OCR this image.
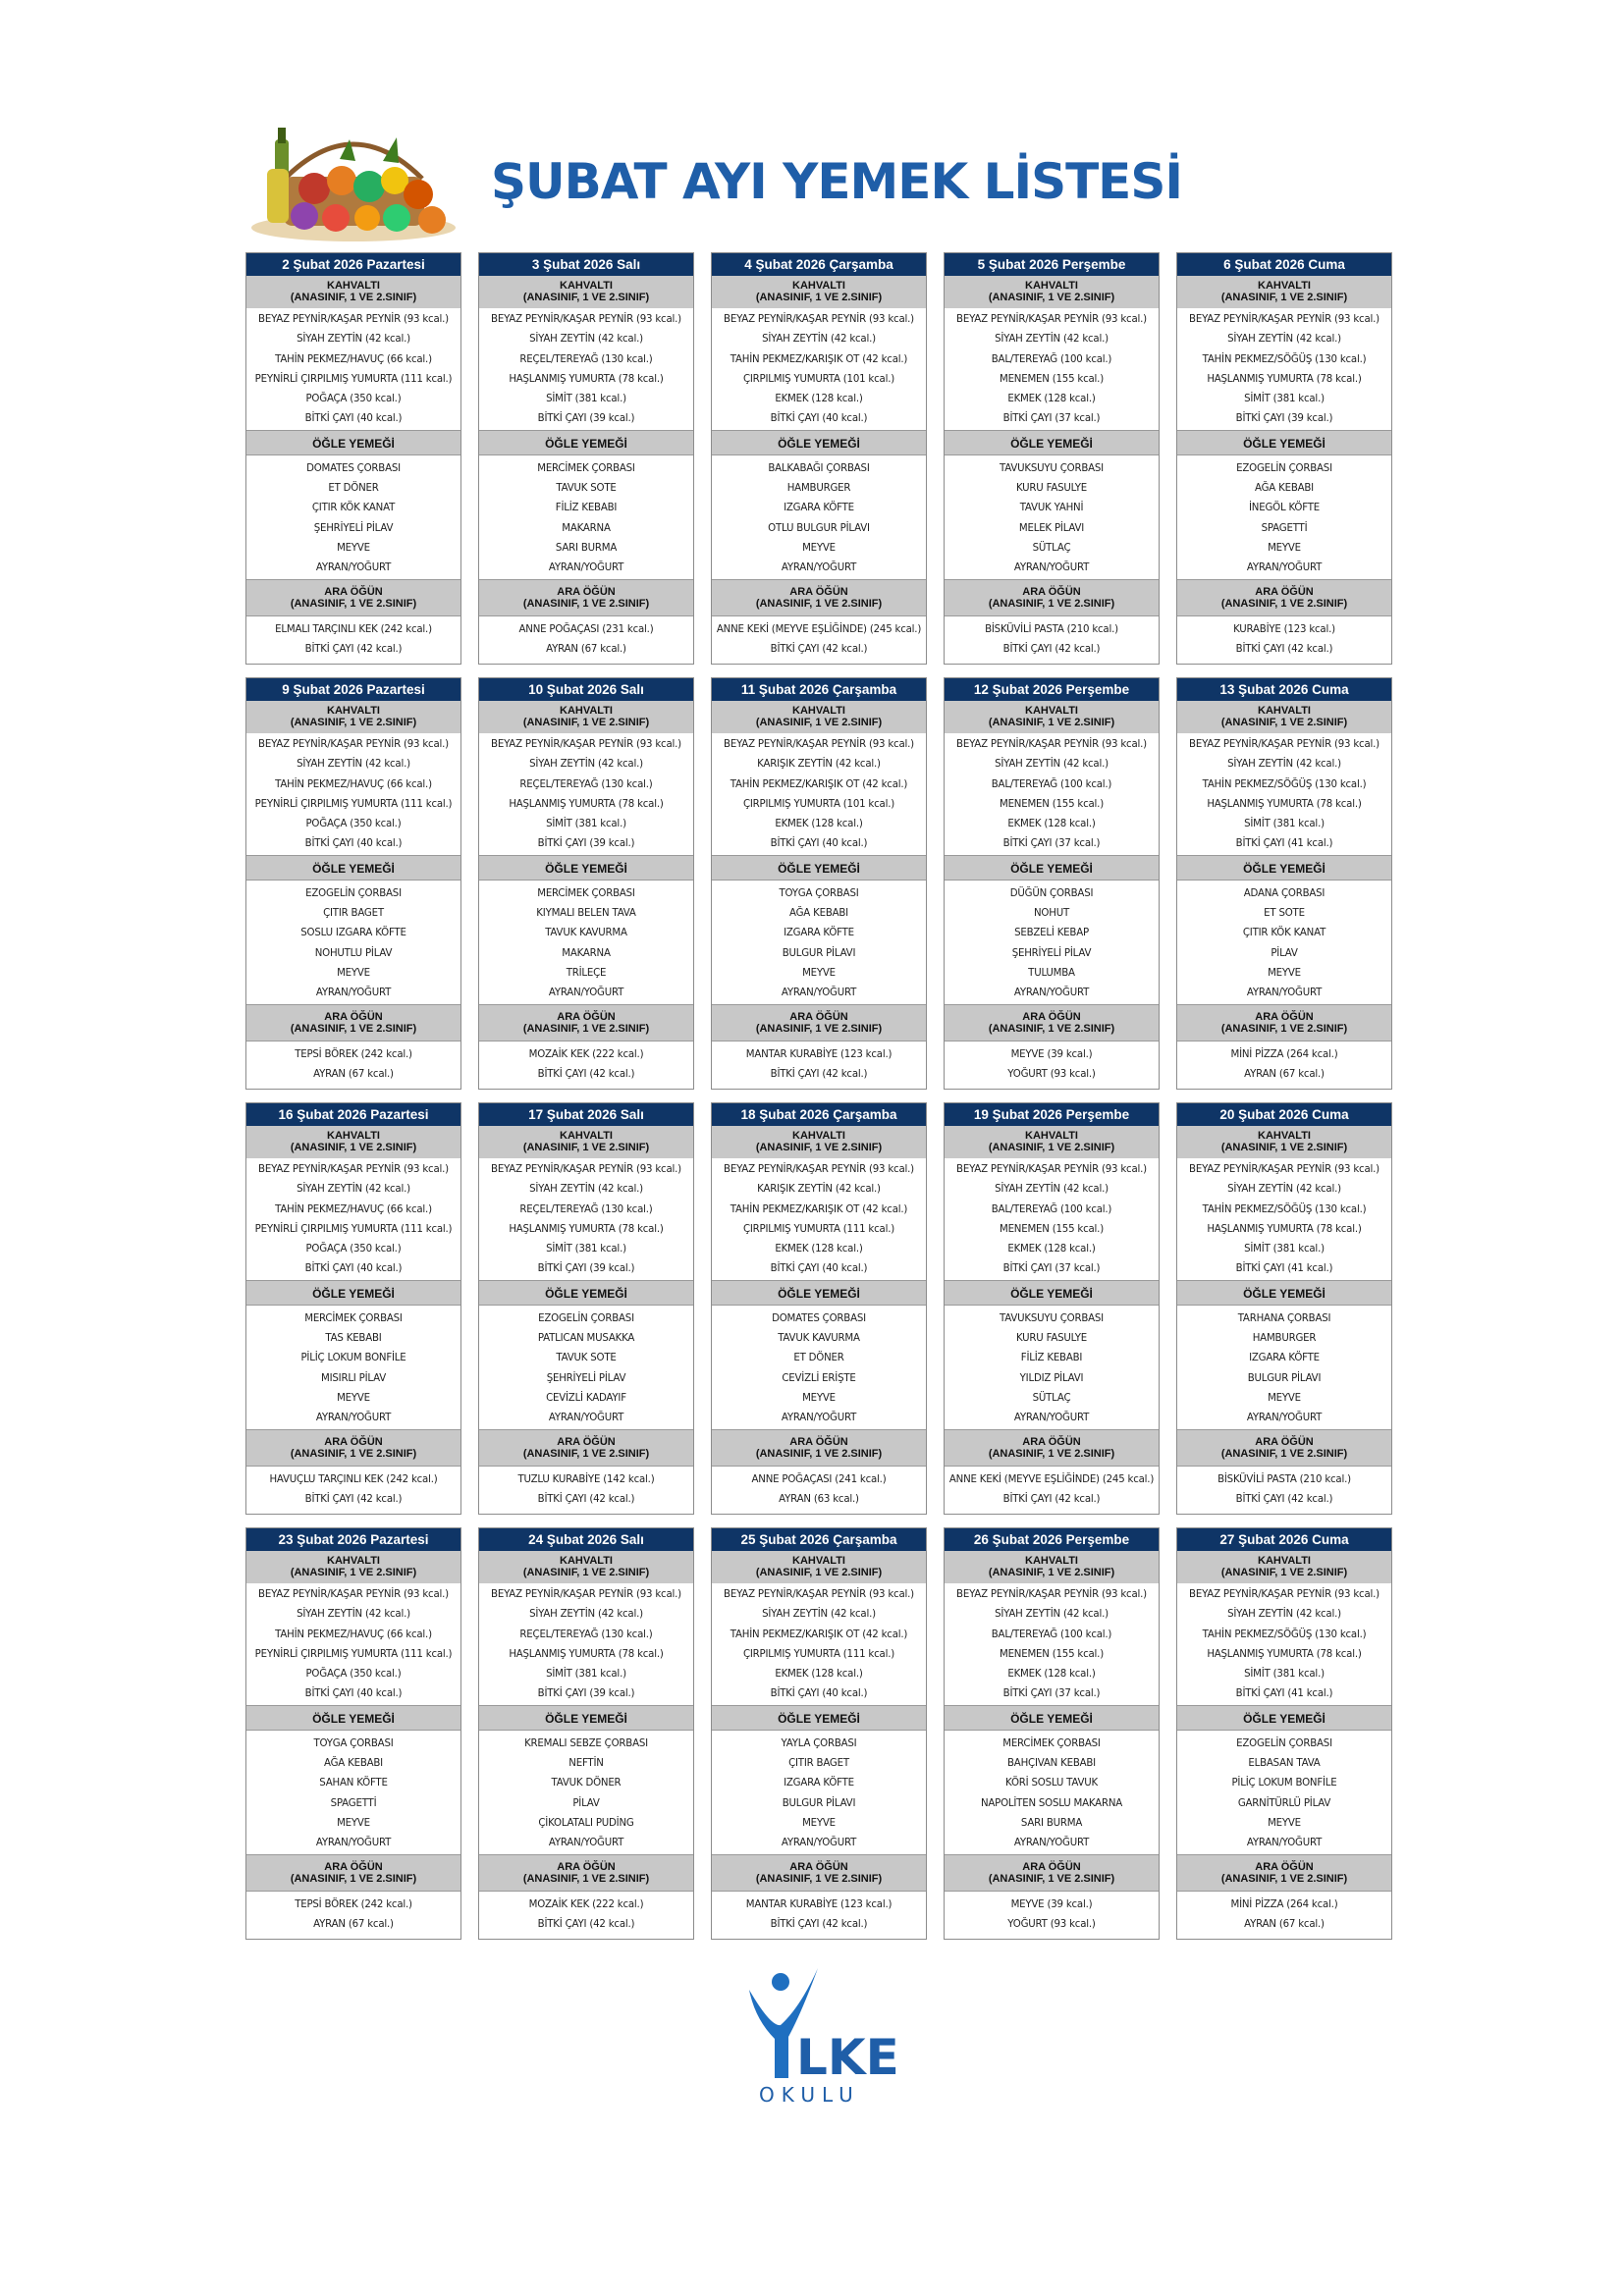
ŞUBAT AYI YEMEK LİSTESİ
2 Şubat 2026 Pazartesi
KAHVALTI
(ANASINIF, 1 VE 2.SINIF)
BEYAZ PEYNİR/KAŞAR PEYNİR (93 kcal.)
SİYAH ZEYTİN (42 kcal.)
TAHİN PEKMEZ/HAVUÇ (66 kcal.)
PEYNİRLİ ÇIRPILMIŞ YUMURTA (111 kcal.)
POĞAÇA (350 kcal.)
BİTKİ ÇAYI (40 kcal.)
ÖĞLE YEMEĞİ
DOMATES ÇORBASI
ET DÖNER
ÇITIR KÖK KANAT
ŞEHRİYELİ PİLAV
MEYVE
AYRAN/YOĞURT
ARA ÖĞÜN
(ANASINIF, 1 VE 2.SINIF)
ELMALI TARÇINLI KEK (242 kcal.)
BİTKİ ÇAYI (42 kcal.)
3 Şubat 2026 Salı
KAHVALTI
(ANASINIF, 1 VE 2.SINIF)
BEYAZ PEYNİR/KAŞAR PEYNİR (93 kcal.)
SİYAH ZEYTİN (42 kcal.)
REÇEL/TEREYAĞ (130 kcal.)
HAŞLANMIŞ YUMURTA (78 kcal.)
SİMİT (381 kcal.)
BİTKİ ÇAYI (39 kcal.)
ÖĞLE YEMEĞİ
MERCİMEK ÇORBASI
TAVUK SOTE
FİLİZ KEBABI
MAKARNA
SARI BURMA
AYRAN/YOĞURT
ARA ÖĞÜN
(ANASINIF, 1 VE 2.SINIF)
ANNE POĞAÇASI (231 kcal.)
AYRAN (67 kcal.)
4 Şubat 2026 Çarşamba
KAHVALTI
(ANASINIF, 1 VE 2.SINIF)
BEYAZ PEYNİR/KAŞAR PEYNİR (93 kcal.)
SİYAH ZEYTİN (42 kcal.)
TAHİN PEKMEZ/KARIŞIK OT (42 kcal.)
ÇIRPILMIŞ YUMURTA (101 kcal.)
EKMEK (128 kcal.)
BİTKİ ÇAYI (40 kcal.)
ÖĞLE YEMEĞİ
BALKABAĞI ÇORBASI
HAMBURGER
IZGARA KÖFTE
OTLU BULGUR PİLAVI
MEYVE
AYRAN/YOĞURT
ARA ÖĞÜN
(ANASINIF, 1 VE 2.SINIF)
ANNE KEKİ (MEYVE EŞLİĞİNDE) (245 kcal.)
BİTKİ ÇAYI (42 kcal.)
5 Şubat 2026 Perşembe
KAHVALTI
(ANASINIF, 1 VE 2.SINIF)
BEYAZ PEYNİR/KAŞAR PEYNİR (93 kcal.)
SİYAH ZEYTİN (42 kcal.)
BAL/TEREYAĞ (100 kcal.)
MENEMEN (155 kcal.)
EKMEK (128 kcal.)
BİTKİ ÇAYI (37 kcal.)
ÖĞLE YEMEĞİ
TAVUKSUYU ÇORBASI
KURU FASULYE
TAVUK YAHNİ
MELEK PİLAVI
SÜTLAÇ
AYRAN/YOĞURT
ARA ÖĞÜN
(ANASINIF, 1 VE 2.SINIF)
BİSKÜVİLİ PASTA (210 kcal.)
BİTKİ ÇAYI (42 kcal.)
6 Şubat 2026 Cuma
KAHVALTI
(ANASINIF, 1 VE 2.SINIF)
BEYAZ PEYNİR/KAŞAR PEYNİR (93 kcal.)
SİYAH ZEYTİN (42 kcal.)
TAHİN PEKMEZ/SÖĞÜŞ (130 kcal.)
HAŞLANMIŞ YUMURTA (78 kcal.)
SİMİT (381 kcal.)
BİTKİ ÇAYI (39 kcal.)
ÖĞLE YEMEĞİ
EZOGELİN ÇORBASI
AĞA KEBABI
İNEGÖL KÖFTE
SPAGETTİ
MEYVE
AYRAN/YOĞURT
ARA ÖĞÜN
(ANASINIF, 1 VE 2.SINIF)
KURABİYE (123 kcal.)
BİTKİ ÇAYI (42 kcal.)
9 Şubat 2026 Pazartesi
KAHVALTI
(ANASINIF, 1 VE 2.SINIF)
BEYAZ PEYNİR/KAŞAR PEYNİR (93 kcal.)
SİYAH ZEYTİN (42 kcal.)
TAHİN PEKMEZ/HAVUÇ (66 kcal.)
PEYNİRLİ ÇIRPILMIŞ YUMURTA (111 kcal.)
POĞAÇA (350 kcal.)
BİTKİ ÇAYI (40 kcal.)
ÖĞLE YEMEĞİ
EZOGELİN ÇORBASI
ÇITIR BAGET
SOSLU IZGARA KÖFTE
NOHUTLU PİLAV
MEYVE
AYRAN/YOĞURT
ARA ÖĞÜN
(ANASINIF, 1 VE 2.SINIF)
TEPSİ BÖREK (242 kcal.)
AYRAN (67 kcal.)
10 Şubat 2026 Salı
KAHVALTI
(ANASINIF, 1 VE 2.SINIF)
BEYAZ PEYNİR/KAŞAR PEYNİR (93 kcal.)
SİYAH ZEYTİN (42 kcal.)
REÇEL/TEREYAĞ (130 kcal.)
HAŞLANMIŞ YUMURTA (78 kcal.)
SİMİT (381 kcal.)
BİTKİ ÇAYI (39 kcal.)
ÖĞLE YEMEĞİ
MERCİMEK ÇORBASI
KIYMALI BELEN TAVA
TAVUK KAVURMA
MAKARNA
TRİLEÇE
AYRAN/YOĞURT
ARA ÖĞÜN
(ANASINIF, 1 VE 2.SINIF)
MOZAİK KEK (222 kcal.)
BİTKİ ÇAYI (42 kcal.)
11 Şubat 2026 Çarşamba
KAHVALTI
(ANASINIF, 1 VE 2.SINIF)
BEYAZ PEYNİR/KAŞAR PEYNİR (93 kcal.)
KARIŞIK ZEYTİN (42 kcal.)
TAHİN PEKMEZ/KARIŞIK OT (42 kcal.)
ÇIRPILMIŞ YUMURTA (101 kcal.)
EKMEK (128 kcal.)
BİTKİ ÇAYI (40 kcal.)
ÖĞLE YEMEĞİ
TOYGA ÇORBASI
AĞA KEBABI
IZGARA KÖFTE
BULGUR PİLAVI
MEYVE
AYRAN/YOĞURT
ARA ÖĞÜN
(ANASINIF, 1 VE 2.SINIF)
MANTAR KURABİYE (123 kcal.)
BİTKİ ÇAYI (42 kcal.)
12 Şubat 2026 Perşembe
KAHVALTI
(ANASINIF, 1 VE 2.SINIF)
BEYAZ PEYNİR/KAŞAR PEYNİR (93 kcal.)
SİYAH ZEYTİN (42 kcal.)
BAL/TEREYAĞ (100 kcal.)
MENEMEN (155 kcal.)
EKMEK (128 kcal.)
BİTKİ ÇAYI (37 kcal.)
ÖĞLE YEMEĞİ
DÜĞÜN ÇORBASI
NOHUT
SEBZELİ KEBAP
ŞEHRİYELİ PİLAV
TULUMBA
AYRAN/YOĞURT
ARA ÖĞÜN
(ANASINIF, 1 VE 2.SINIF)
MEYVE (39 kcal.)
YOĞURT (93 kcal.)
13 Şubat 2026 Cuma
KAHVALTI
(ANASINIF, 1 VE 2.SINIF)
BEYAZ PEYNİR/KAŞAR PEYNİR (93 kcal.)
SİYAH ZEYTİN (42 kcal.)
TAHİN PEKMEZ/SÖĞÜŞ (130 kcal.)
HAŞLANMIŞ YUMURTA (78 kcal.)
SİMİT (381 kcal.)
BİTKİ ÇAYI (41 kcal.)
ÖĞLE YEMEĞİ
ADANA ÇORBASI
ET SOTE
ÇITIR KÖK KANAT
PİLAV
MEYVE
AYRAN/YOĞURT
ARA ÖĞÜN
(ANASINIF, 1 VE 2.SINIF)
MİNİ PİZZA (264 kcal.)
AYRAN (67 kcal.)
16 Şubat 2026 Pazartesi
KAHVALTI
(ANASINIF, 1 VE 2.SINIF)
BEYAZ PEYNİR/KAŞAR PEYNİR (93 kcal.)
SİYAH ZEYTİN (42 kcal.)
TAHİN PEKMEZ/HAVUÇ (66 kcal.)
PEYNİRLİ ÇIRPILMIŞ YUMURTA (111 kcal.)
POĞAÇA (350 kcal.)
BİTKİ ÇAYI (40 kcal.)
ÖĞLE YEMEĞİ
MERCİMEK ÇORBASI
TAS KEBABI
PİLİÇ LOKUM BONFİLE
MISIRLI PİLAV
MEYVE
AYRAN/YOĞURT
ARA ÖĞÜN
(ANASINIF, 1 VE 2.SINIF)
HAVUÇLU TARÇINLI KEK (242 kcal.)
BİTKİ ÇAYI (42 kcal.)
17 Şubat 2026 Salı
KAHVALTI
(ANASINIF, 1 VE 2.SINIF)
BEYAZ PEYNİR/KAŞAR PEYNİR (93 kcal.)
SİYAH ZEYTİN (42 kcal.)
REÇEL/TEREYAĞ (130 kcal.)
HAŞLANMIŞ YUMURTA (78 kcal.)
SİMİT (381 kcal.)
BİTKİ ÇAYI (39 kcal.)
ÖĞLE YEMEĞİ
EZOGELİN ÇORBASI
PATLICAN MUSAKKA
TAVUK SOTE
ŞEHRİYELİ PİLAV
CEVİZLİ KADAYIF
AYRAN/YOĞURT
ARA ÖĞÜN
(ANASINIF, 1 VE 2.SINIF)
TUZLU KURABİYE (142 kcal.)
BİTKİ ÇAYI (42 kcal.)
18 Şubat 2026 Çarşamba
KAHVALTI
(ANASINIF, 1 VE 2.SINIF)
BEYAZ PEYNİR/KAŞAR PEYNİR (93 kcal.)
KARIŞIK ZEYTİN (42 kcal.)
TAHİN PEKMEZ/KARIŞIK OT (42 kcal.)
ÇIRPILMIŞ YUMURTA (111 kcal.)
EKMEK (128 kcal.)
BİTKİ ÇAYI (40 kcal.)
ÖĞLE YEMEĞİ
DOMATES ÇORBASI
TAVUK KAVURMA
ET DÖNER
CEVİZLİ ERİŞTE
MEYVE
AYRAN/YOĞURT
ARA ÖĞÜN
(ANASINIF, 1 VE 2.SINIF)
ANNE POĞAÇASI (241 kcal.)
AYRAN (63 kcal.)
19 Şubat 2026 Perşembe
KAHVALTI
(ANASINIF, 1 VE 2.SINIF)
BEYAZ PEYNİR/KAŞAR PEYNİR (93 kcal.)
SİYAH ZEYTİN (42 kcal.)
BAL/TEREYAĞ (100 kcal.)
MENEMEN (155 kcal.)
EKMEK (128 kcal.)
BİTKİ ÇAYI (37 kcal.)
ÖĞLE YEMEĞİ
TAVUKSUYU ÇORBASI
KURU FASULYE
FİLİZ KEBABI
YILDIZ PİLAVI
SÜTLAÇ
AYRAN/YOĞURT
ARA ÖĞÜN
(ANASINIF, 1 VE 2.SINIF)
ANNE KEKİ (MEYVE EŞLİĞİNDE) (245 kcal.)
BİTKİ ÇAYI (42 kcal.)
20 Şubat 2026 Cuma
KAHVALTI
(ANASINIF, 1 VE 2.SINIF)
BEYAZ PEYNİR/KAŞAR PEYNİR (93 kcal.)
SİYAH ZEYTİN (42 kcal.)
TAHİN PEKMEZ/SÖĞÜŞ (130 kcal.)
HAŞLANMIŞ YUMURTA (78 kcal.)
SİMİT (381 kcal.)
BİTKİ ÇAYI (41 kcal.)
ÖĞLE YEMEĞİ
TARHANA ÇORBASI
HAMBURGER
IZGARA KÖFTE
BULGUR PİLAVI
MEYVE
AYRAN/YOĞURT
ARA ÖĞÜN
(ANASINIF, 1 VE 2.SINIF)
BİSKÜVİLİ PASTA (210 kcal.)
BİTKİ ÇAYI (42 kcal.)
23 Şubat 2026 Pazartesi
KAHVALTI
(ANASINIF, 1 VE 2.SINIF)
BEYAZ PEYNİR/KAŞAR PEYNİR (93 kcal.)
SİYAH ZEYTİN (42 kcal.)
TAHİN PEKMEZ/HAVUÇ (66 kcal.)
PEYNİRLİ ÇIRPILMIŞ YUMURTA (111 kcal.)
POĞAÇA (350 kcal.)
BİTKİ ÇAYI (40 kcal.)
ÖĞLE YEMEĞİ
TOYGA ÇORBASI
AĞA KEBABI
SAHAN KÖFTE
SPAGETTİ
MEYVE
AYRAN/YOĞURT
ARA ÖĞÜN
(ANASINIF, 1 VE 2.SINIF)
TEPSİ BÖREK (242 kcal.)
AYRAN (67 kcal.)
24 Şubat 2026 Salı
KAHVALTI
(ANASINIF, 1 VE 2.SINIF)
BEYAZ PEYNİR/KAŞAR PEYNİR (93 kcal.)
SİYAH ZEYTİN (42 kcal.)
REÇEL/TEREYAĞ (130 kcal.)
HAŞLANMIŞ YUMURTA (78 kcal.)
SİMİT (381 kcal.)
BİTKİ ÇAYI (39 kcal.)
ÖĞLE YEMEĞİ
KREMALI SEBZE ÇORBASI
NEFTİN
TAVUK DÖNER
PİLAV
ÇİKOLATALI PUDİNG
AYRAN/YOĞURT
ARA ÖĞÜN
(ANASINIF, 1 VE 2.SINIF)
MOZAİK KEK (222 kcal.)
BİTKİ ÇAYI (42 kcal.)
25 Şubat 2026 Çarşamba
KAHVALTI
(ANASINIF, 1 VE 2.SINIF)
BEYAZ PEYNİR/KAŞAR PEYNİR (93 kcal.)
SİYAH ZEYTİN (42 kcal.)
TAHİN PEKMEZ/KARIŞIK OT (42 kcal.)
ÇIRPILMIŞ YUMURTA (111 kcal.)
EKMEK (128 kcal.)
BİTKİ ÇAYI (40 kcal.)
ÖĞLE YEMEĞİ
YAYLA ÇORBASI
ÇITIR BAGET
IZGARA KÖFTE
BULGUR PİLAVI
MEYVE
AYRAN/YOĞURT
ARA ÖĞÜN
(ANASINIF, 1 VE 2.SINIF)
MANTAR KURABİYE (123 kcal.)
BİTKİ ÇAYI (42 kcal.)
26 Şubat 2026 Perşembe
KAHVALTI
(ANASINIF, 1 VE 2.SINIF)
BEYAZ PEYNİR/KAŞAR PEYNİR (93 kcal.)
SİYAH ZEYTİN (42 kcal.)
BAL/TEREYAĞ (100 kcal.)
MENEMEN (155 kcal.)
EKMEK (128 kcal.)
BİTKİ ÇAYI (37 kcal.)
ÖĞLE YEMEĞİ
MERCİMEK ÇORBASI
BAHÇIVAN KEBABI
KÖRİ SOSLU TAVUK
NAPOLİTEN SOSLU MAKARNA
SARI BURMA
AYRAN/YOĞURT
ARA ÖĞÜN
(ANASINIF, 1 VE 2.SINIF)
MEYVE (39 kcal.)
YOĞURT (93 kcal.)
27 Şubat 2026 Cuma
KAHVALTI
(ANASINIF, 1 VE 2.SINIF)
BEYAZ PEYNİR/KAŞAR PEYNİR (93 kcal.)
SİYAH ZEYTİN (42 kcal.)
TAHİN PEKMEZ/SÖĞÜŞ (130 kcal.)
HAŞLANMIŞ YUMURTA (78 kcal.)
SİMİT (381 kcal.)
BİTKİ ÇAYI (41 kcal.)
ÖĞLE YEMEĞİ
EZOGELİN ÇORBASI
ELBASAN TAVA
PİLİÇ LOKUM BONFİLE
GARNİTÜRLÜ PİLAV
MEYVE
AYRAN/YOĞURT
ARA ÖĞÜN
(ANASINIF, 1 VE 2.SINIF)
MİNİ PİZZA (264 kcal.)
AYRAN (67 kcal.)
LKE
OKULU
